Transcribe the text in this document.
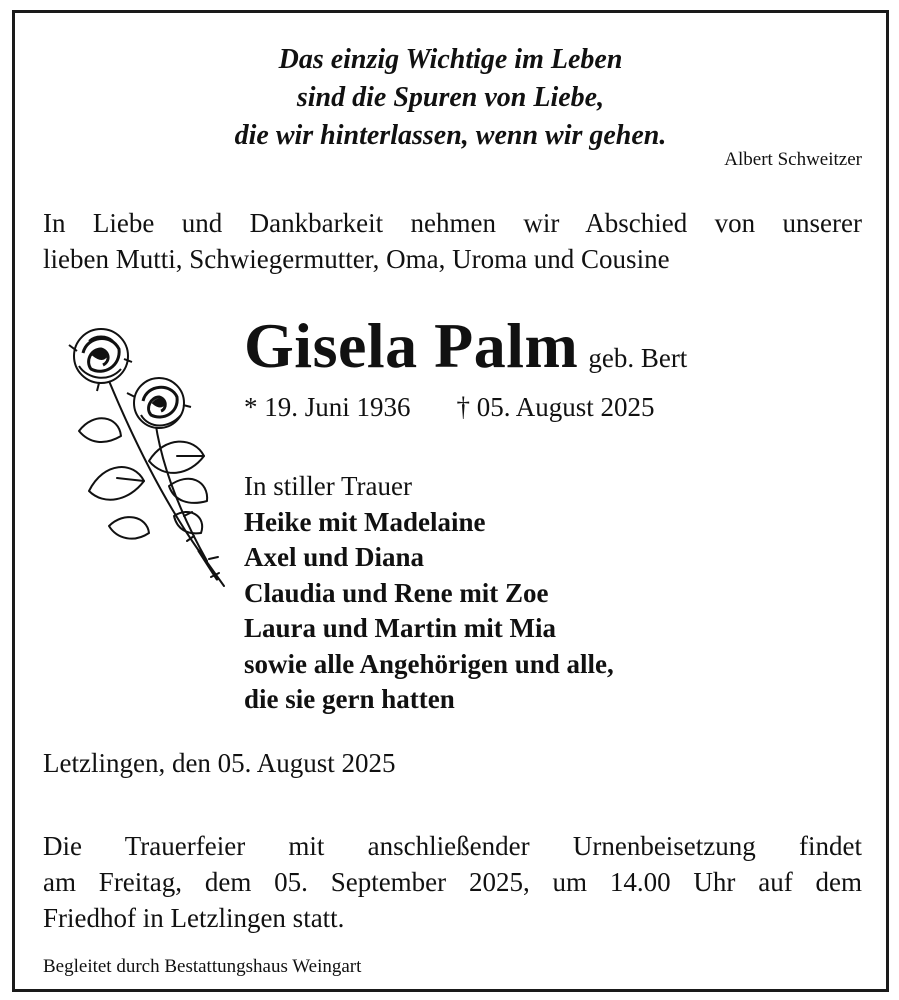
Das einzig Wichtige im Leben
sind die Spuren von Liebe,
die wir hinterlassen, wenn wir gehen.
Albert Schweitzer
In Liebe und Dankbarkeit nehmen wir Abschied von unserer
lieben Mutti, Schwiegermutter, Oma, Uroma und Cousine
Gisela Palm geb. Bert
* 19. Juni 1936 † 05. August 2025
In stiller Trauer
Heike mit Madelaine
Axel und Diana
Claudia und Rene mit Zoe
Laura und Martin mit Mia
sowie alle Angehörigen und alle,
die sie gern hatten
Letzlingen, den 05. August 2025
Die Trauerfeier mit anschließender Urnenbeisetzung findet
am Freitag, dem 05. September 2025, um 14.00 Uhr auf dem
Friedhof in Letzlingen statt.
Begleitet durch Bestattungshaus Weingart
